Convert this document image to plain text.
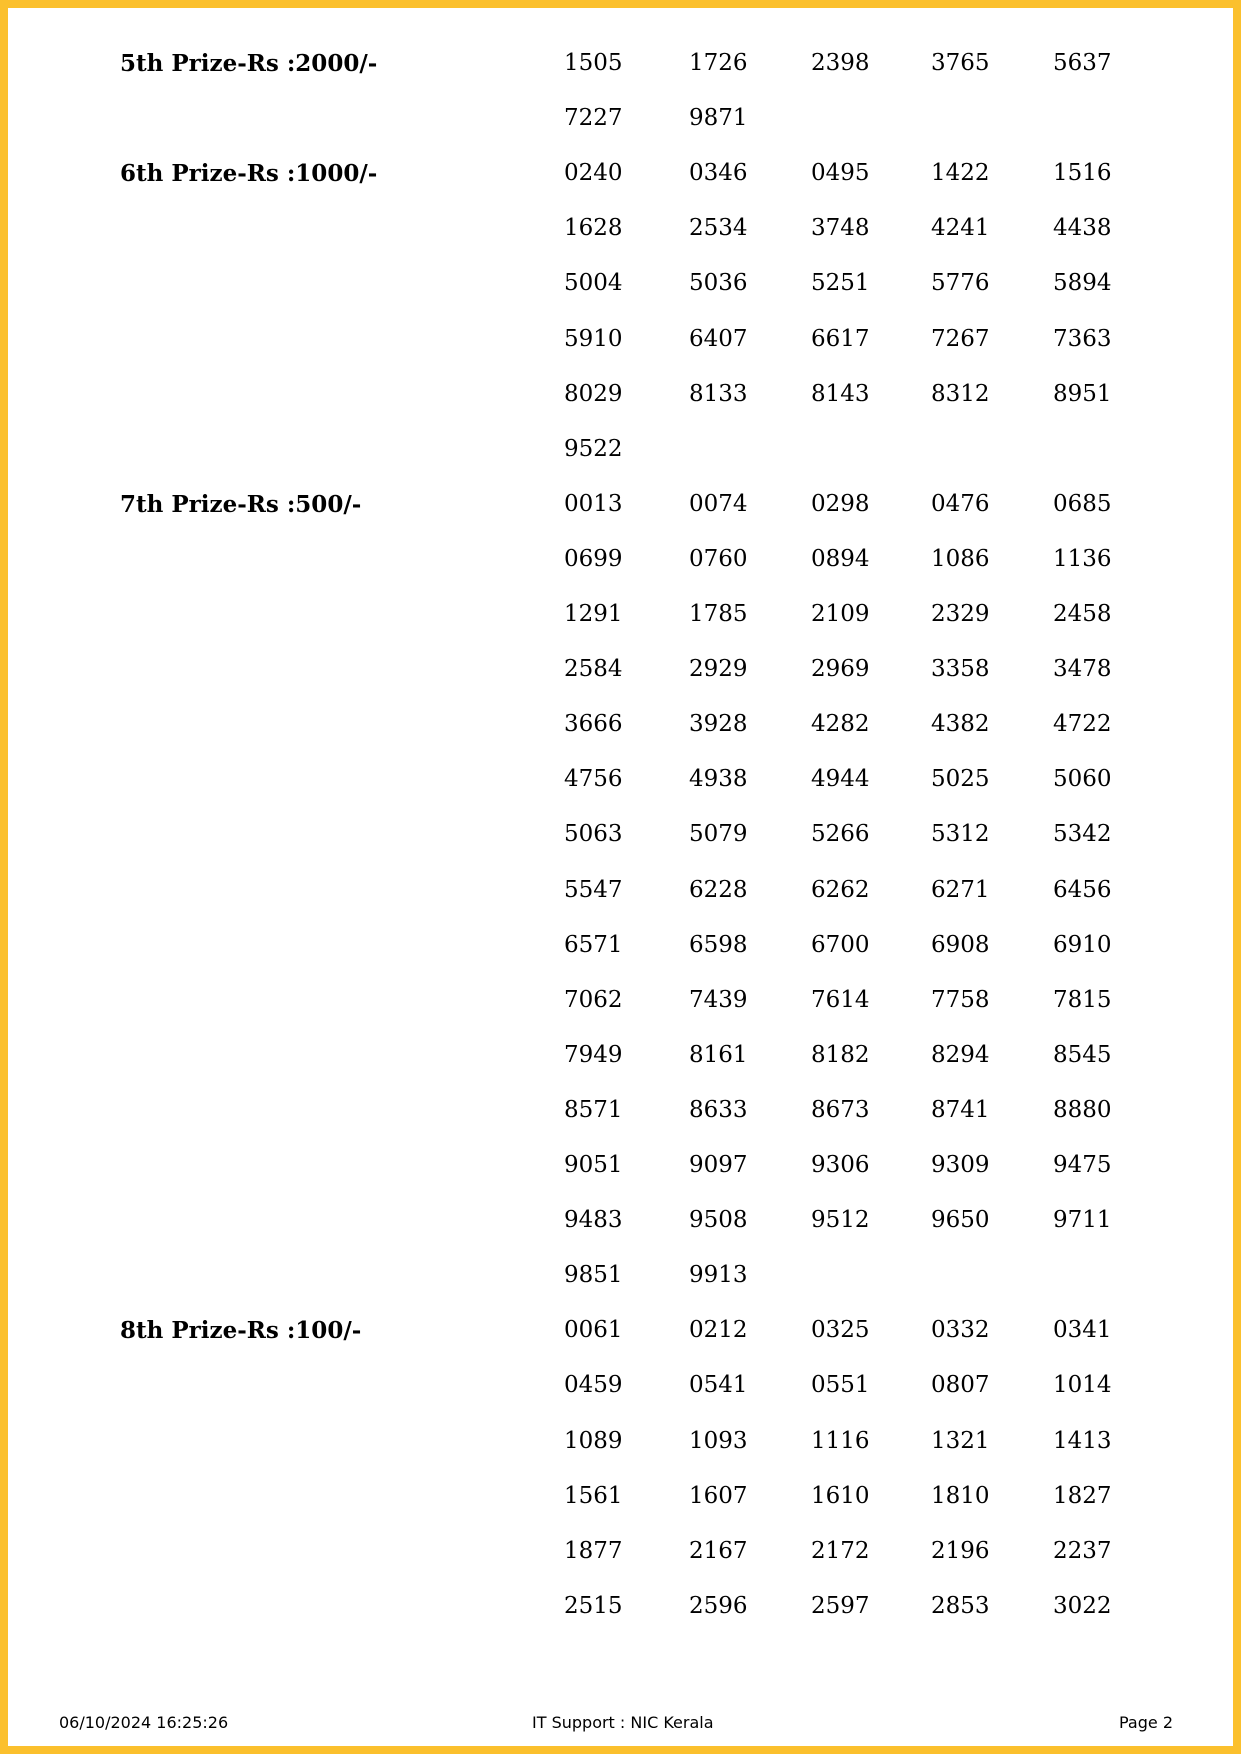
5th Prize-Rs :2000/-	1505	1726	2398	3765	5637
7227	9871
6th Prize-Rs :1000/-	0240	0346	0495	1422	1516
1628	2534	3748	4241	4438
5004	5036	5251	5776	5894
5910	6407	6617	7267	7363
8029	8133	8143	8312	8951
9522
7th Prize-Rs :500/-	0013	0074	0298	0476	0685
0699	0760	0894	1086	1136
1291	1785	2109	2329	2458
2584	2929	2969	3358	3478
3666	3928	4282	4382	4722
4756	4938	4944	5025	5060
5063	5079	5266	5312	5342
5547	6228	6262	6271	6456
6571	6598	6700	6908	6910
7062	7439	7614	7758	7815
7949	8161	8182	8294	8545
8571	8633	8673	8741	8880
9051	9097	9306	9309	9475
9483	9508	9512	9650	9711
9851	9913
8th Prize-Rs :100/-	0061	0212	0325	0332	0341
0459	0541	0551	0807	1014
1089	1093	1116	1321	1413
1561	1607	1610	1810	1827
1877	2167	2172	2196	2237
2515	2596	2597	2853	3022
06/10/2024 16:25:26	IT Support : NIC Kerala	Page 2
